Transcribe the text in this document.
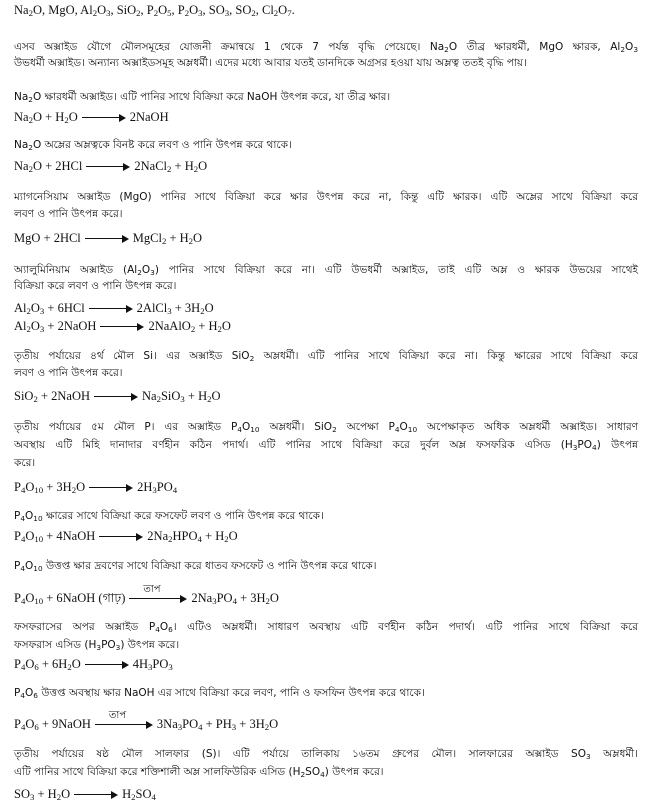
$Na_2O$, MgO, $Al_2O_3$, SiO$_2$, $P_2O_5$, $P_2O_3$, $SO_3$, $SO_2$, $Cl_2O_7$.
এসব অক্সাইড যৌগে মৌলসমূহের যোজনী ক্রমান্বয়ে 1 থেকে 7 পর্যন্ত বৃদ্ধি পেয়েছে। $Na_2O$ তীব্র ক্ষারধর্মী, MgO ক্ষারক, $Al_2O_3$
উভধর্মী অক্সাইড। অন্যান্য অক্সাইডসমূহ অম্লধর্মী। এদের মধ্যে আবার যতই ডানদিকে অগ্রসর হওয়া যায় অম্লত্ব ততই বৃদ্ধি পায়।
$Na_2O$ ক্ষারধর্মী অক্সাইড। এটি পানির সাথে বিক্রিয়া করে NaOH উৎপন্ন করে, যা তীব্র ক্ষার।
$Na_2O + H_2O$	2NaOH
$Na_2O$ অম্লের অম্লত্বকে বিনষ্ট করে লবণ ও পানি উৎপন্ন করে থাকে।
$Na_2O + 2HCl$	2NaCl$_2$ + $H_2O$
ম্যাগনেসিয়াম অক্সাইড (MgO) পানির সাথে বিক্রিয়া করে ক্ষার উৎপন্ন করে না, কিন্তু এটি ক্ষারক। এটি অম্লের সাথে বিক্রিয়া করে
লবণ ও পানি উৎপন্ন করে।
MgO + 2HCl	MgCl$_2$ + $H_2O$
অ্যালুমিনিয়াম অক্সাইড $(Al_2O_3)$ পানির সাথে বিক্রিয়া করে না। এটি উভধর্মী অক্সাইড, তাই এটি অম্ল ও ক্ষারক উভয়ের সাথেই
বিক্রিয়া করে লবণ ও পানি উৎপন্ন করে।
$Al_2O_3 + 6HCl$	2AlCl$_3$ + $3H_2O$
$Al_2O_3$ + 2NaOH	2NaAlO$_2$ + $H_2O$
তৃতীয় পর্যায়ের ৪র্থ মৌল Si। এর অক্সাইড SiO$_2$ অম্লধর্মী। এটি পানির সাথে বিক্রিয়া করে না। কিন্তু ক্ষারের সাথে বিক্রিয়া করে
লবণ ও পানি উৎপন্ন করে।
SiO$_2$ + 2NaOH	$Na_2SiO_3 + H_2O$
তৃতীয় পর্যায়ের ৫ম মৌল P। এর অক্সাইড $P_4O_{10}$ অম্লধর্মী। SiO$_2$ অপেক্ষা $P_4O_{10}$ অপেক্ষাকৃত অধিক অম্লধর্মী অক্সাইড। সাধারণ
অবস্থায় এটি মিহি দানাদার বর্ণহীন কঠিন পদার্থ। এটি পানির সাথে বিক্রিয়া করে দুর্বল অম্ল ফসফরিক এসিড $(H_3PO_4)$ উৎপন্ন
করে।
$P_4O_{10} + 3H_2O$	$2H_3PO_4$
$P_4O_{10}$ ক্ষারের সাথে বিক্রিয়া করে ফসফেট লবণ ও পানি উৎপন্ন করে থাকে।
$P_4O_{10}$ + 4NaOH	$2Na_2HPO_4 + H_2O$
$P_4O_{10}$ উত্তপ্ত ক্ষার দ্রবণের সাথে বিক্রিয়া করে ধাতব ফসফেট ও পানি উৎপন্ন করে থাকে।
$P_4O_{10}$ + 6NaOH (গাঢ়)
তাপ
$2Na_3PO_4 + 3H_2O$
ফসফরাসের অপর অক্সাইড $P_4O_6।$ এটিও অম্লধর্মী। সাধারণ অবস্থায় এটি বর্ণহীন কঠিন পদার্থ। এটি পানির সাথে বিক্রিয়া করে
ফসফরাস এসিড $(H_3PO_3)$ উৎপন্ন করে।
$P_4O_6 + 6H_2O$	$4H_3PO_3$
$P_4O_6$ উত্তপ্ত অবস্থায় ক্ষার NaOH এর সাথে বিক্রিয়া করে লবণ, পানি ও ফসফিন উৎপন্ন করে থাকে।
$P_4O_6$ + 9NaOH
তাপ
$3Na_3PO_4 + PH_3 + 3H_2O$
তৃতীয় পর্যায়ের ষষ্ঠ মৌল সালফার (S)। এটি পর্যায়ে তালিকায় ১৬তম গ্রুপের মৌল। সালফারের অক্সাইড $SO_3$ অম্লধর্মী।
এটি পানির সাথে বিক্রিয়া করে শক্তিশালী অম্ল সালফিউরিক এসিড $(H_2SO_4)$ উৎপন্ন করে।
$SO_3 + H_2O$	$H_2SO_4$
